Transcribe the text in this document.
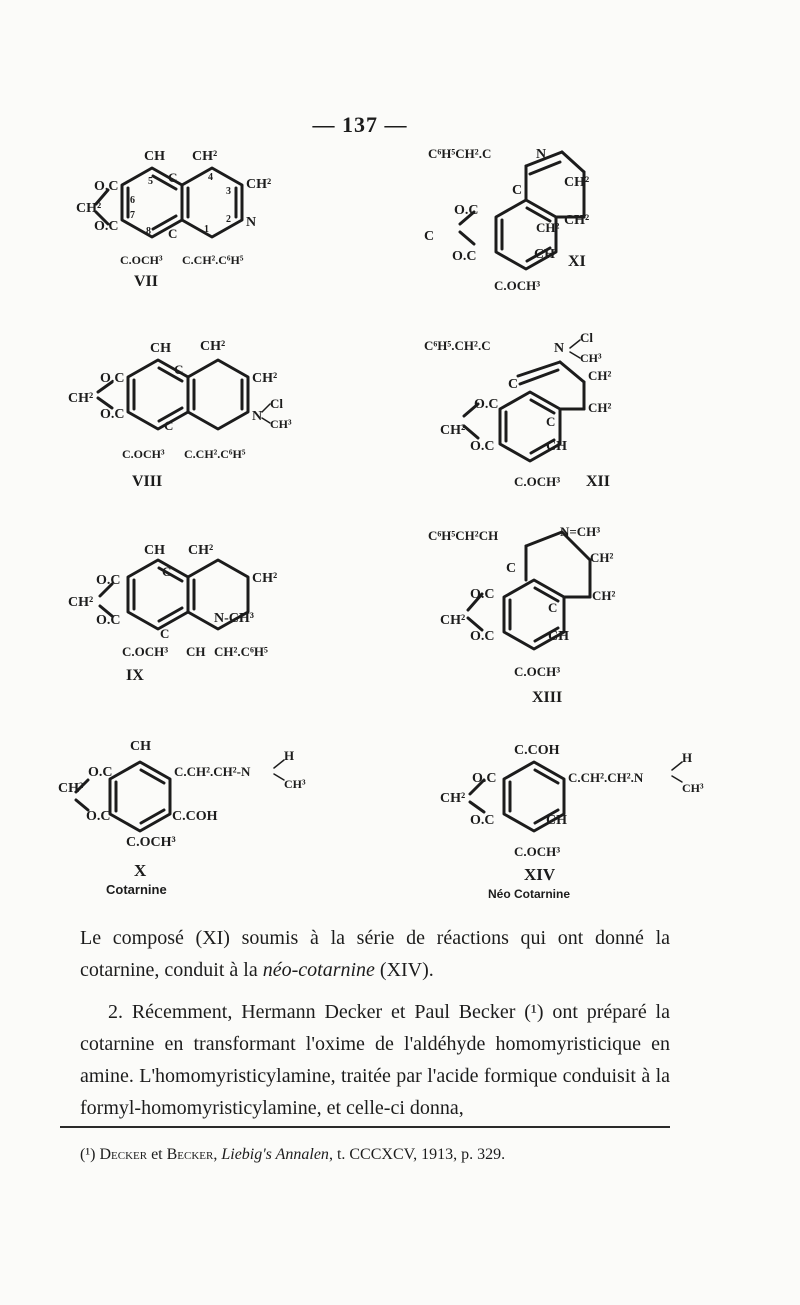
— 137 —
CH CH²
O.C
CH²
O.C
6
5	4
3
7
8
2
1
C
C
CH²
N
C.OCH³ C.CH².C⁶H⁵
VII
CH CH²
O.C
CH²
O.C
C
C
CH²
N
Cl
CH³
C.OCH³ C.CH².C⁶H⁵
VIII
CH CH²
O.C
CH²
O.C
C
C
CH²
N-CH³
C.OCH³ CH CH².C⁶H⁵
IX
CH
O.C
CH²
O.C
C.CH².CH²-N
H
CH³
C.COH
C.OCH³
X
Cotarnine
C⁶H⁵CH².C	N
C
CH²
O.C
CH²
CH²
C
O.C	CH
C.OCH³
XI
C⁶H⁵.CH².C	N
Cl
CH³
C
CH²
O.C	CH²
C
CH²
O.C	CH
C.OCH³ XII
C⁶H⁵CH²CH	N=CH³
CH²
C
CH²
O.C
CH²
C
O.C	CH
C.OCH³
XIII
C.COH
O.C	C.CH².CH².N
H
CH³
CH²
O.C	CH
C.OCH³
XIV
Néo Cotarnine

Le composé (XI) soumis à la série de réactions qui ont donné la cotarnine, conduit à la néo-cotarnine (XIV).

2. Récemment, Hermann Decker et Paul Becker (¹) ont préparé la cotarnine en transformant l'oxime de l'aldéhyde homomyristicique en amine. L'homomyristicylamine, traitée par l'acide formique conduisit à la formyl-homomyristicylamine, et celle-ci donna,

(¹) Decker et Becker, Liebig's Annalen, t. CCCXCV, 1913, p. 329.
